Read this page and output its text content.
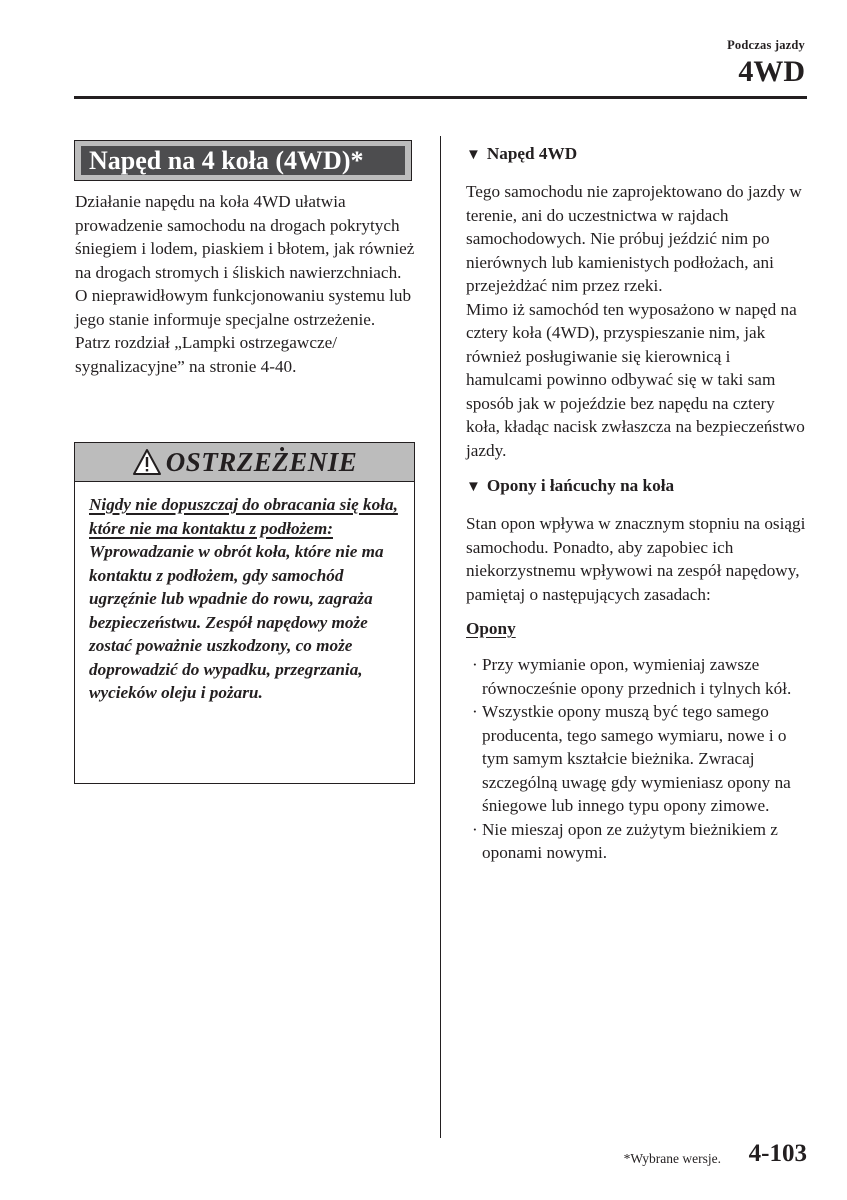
Podczas jazdy
4WD
Napęd na 4 koła (4WD)*

Działanie napędu na koła 4WD ułatwia prowadzenie samochodu na drogach pokrytych śniegiem i lodem, piaskiem i błotem, jak również na drogach stromych i śliskich nawierzchniach.

O nieprawidłowym funkcjonowaniu systemu lub jego stanie informuje specjalne ostrzeżenie.

Patrz rozdział „Lampki ostrzegawcze/ sygnalizacyjne” na stronie 4-40.

OSTRZEŻENIE

Nigdy nie dopuszczaj do obracania się koła, które nie ma kontaktu z podłożem:

Wprowadzanie w obrót koła, które nie ma kontaktu z podłożem, gdy samochód ugrzęźnie lub wpadnie do rowu, zagraża bezpieczeństwu. Zespół napędowy może zostać poważnie uszkodzony, co może doprowadzić do wypadku, przegrzania, wycieków oleju i pożaru.

▼ Napęd 4WD

Tego samochodu nie zaprojektowano do jazdy w terenie, ani do uczestnictwa w rajdach samochodowych. Nie próbuj jeździć nim po nierównych lub kamienistych podłożach, ani przejeżdżać nim przez rzeki.

Mimo iż samochód ten wyposażono w napęd na cztery koła (4WD), przyspieszanie nim, jak również posługiwanie się kierownicą i hamulcami powinno odbywać się w taki sam sposób jak w pojeździe bez napędu na cztery koła, kładąc nacisk zwłaszcza na bezpieczeństwo jazdy.

▼ Opony i łańcuchy na koła

Stan opon wpływa w znacznym stopniu na osiągi samochodu. Ponadto, aby zapobiec ich niekorzystnemu wpływowi na zespół napędowy, pamiętaj o następujących zasadach:

Opony

· Przy wymianie opon, wymieniaj zawsze równocześnie opony przednich i tylnych kół.
· Wszystkie opony muszą być tego samego producenta, tego samego wymiaru, nowe i o tym samym kształcie bieżnika. Zwracaj szczególną uwagę gdy wymieniasz opony na śniegowe lub innego typu opony zimowe.
· Nie mieszaj opon ze zużytym bieżnikiem z oponami nowymi.
*Wybrane wersje. 4-103
